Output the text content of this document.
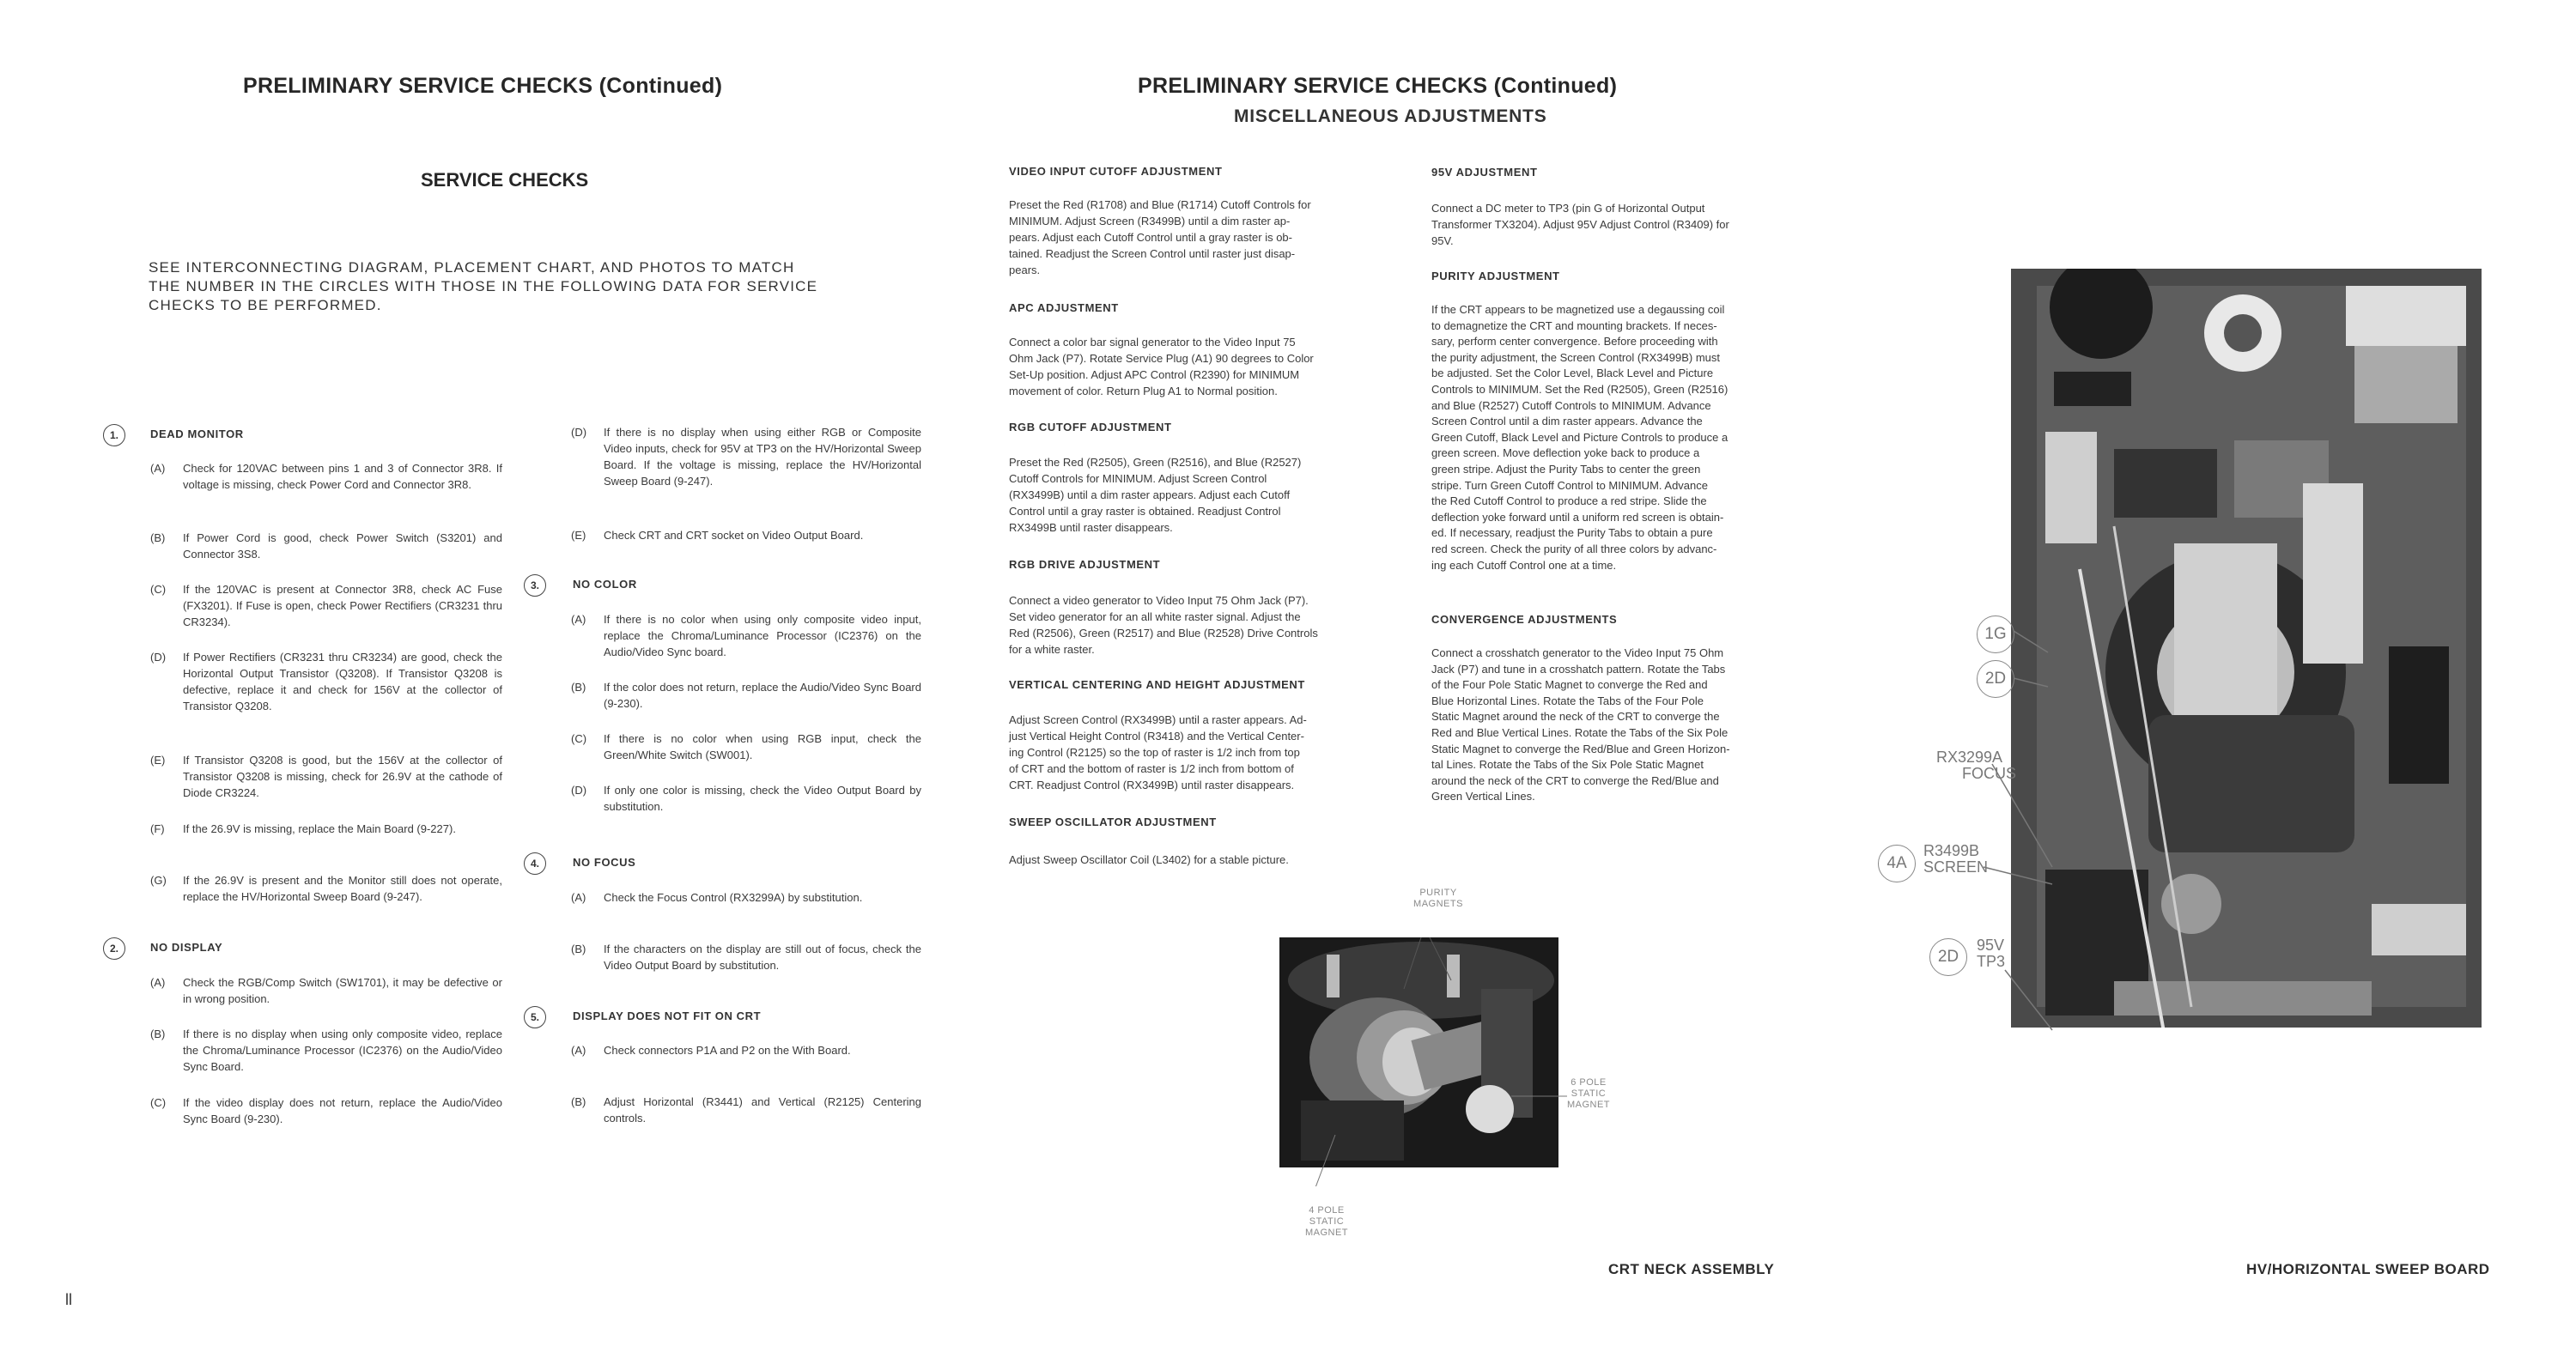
PRELIMINARY SERVICE CHECKS (Continued)
SERVICE CHECKS
SEE INTERCONNECTING DIAGRAM, PLACEMENT CHART, AND PHOTOS TO MATCH
THE NUMBER IN THE CIRCLES WITH THOSE IN THE FOLLOWING DATA FOR SERVICE
CHECKS TO BE PERFORMED.
1.	DEAD MONITOR
(A) Check for 120VAC between pins 1 and 3 of Connector 3R8. If voltage is missing, check Power Cord and Connector 3R8.
(B) If Power Cord is good, check Power Switch (S3201) and Connector 3S8.
(C) If the 120VAC is present at Connector 3R8, check AC Fuse (FX3201). If Fuse is open, check Power Rectifiers (CR3231 thru CR3234).
(D) If Power Rectifiers (CR3231 thru CR3234) are good, check the Horizontal Output Transistor (Q3208). If Transistor Q3208 is defective, replace it and check for 156V at the collector of Transistor Q3208.
(E) If Transistor Q3208 is good, but the 156V at the collector of Transistor Q3208 is missing, check for 26.9V at the cathode of Diode CR3224.
(F) If the 26.9V is missing, replace the Main Board (9-227).
(G) If the 26.9V is present and the Monitor still does not operate, replace the HV/Horizontal Sweep Board (9-247).
2.	NO DISPLAY
(A) Check the RGB/Comp Switch (SW1701), it may be defective or in wrong position.
(B) If there is no display when using only composite video, replace the Chroma/Luminance Processor (IC2376) on the Audio/Video Sync Board.
(C) If the video display does not return, replace the Audio/Video Sync Board (9-230).
(D) If there is no display when using either RGB or Composite Video inputs, check for 95V at TP3 on the HV/Horizontal Sweep Board. If the voltage is missing, replace the HV/Horizontal Sweep Board (9-247).
(E) Check CRT and CRT socket on Video Output Board.
3.	NO COLOR
(A) If there is no color when using only composite video input, replace the Chroma/Luminance Processor (IC2376) on the Audio/Video Sync board.
(B) If the color does not return, replace the Audio/Video Sync Board (9-230).
(C) If there is no color when using RGB input, check the Green/White Switch (SW001).
(D) If only one color is missing, check the Video Output Board by substitution.
4.	NO FOCUS
(A) Check the Focus Control (RX3299A) by substitution.
(B) If the characters on the display are still out of focus, check the Video Output Board by substitution.
5.	DISPLAY DOES NOT FIT ON CRT
(A) Check connectors P1A and P2 on the With Board.
(B) Adjust Horizontal (R3441) and Vertical (R2125) Centering controls.
ll
PRELIMINARY SERVICE CHECKS (Continued)
MISCELLANEOUS ADJUSTMENTS
VIDEO INPUT CUTOFF ADJUSTMENT
Preset the Red (R1708) and Blue (R1714) Cutoff Controls for
MINIMUM. Adjust Screen (R3499B) until a dim raster ap-
pears. Adjust each Cutoff Control until a gray raster is ob-
tained. Readjust the Screen Control until raster just disap-
pears.
APC ADJUSTMENT
Connect a color bar signal generator to the Video Input 75
Ohm Jack (P7). Rotate Service Plug (A1) 90 degrees to Color
Set-Up position. Adjust APC Control (R2390) for MINIMUM
movement of color. Return Plug A1 to Normal position.
RGB CUTOFF ADJUSTMENT
Preset the Red (R2505), Green (R2516), and Blue (R2527)
Cutoff Controls for MINIMUM. Adjust Screen Control
(RX3499B) until a dim raster appears. Adjust each Cutoff
Control until a gray raster is obtained. Readjust Control
RX3499B until raster disappears.
RGB DRIVE ADJUSTMENT
Connect a video generator to Video Input 75 Ohm Jack (P7).
Set video generator for an all white raster signal. Adjust the
Red (R2506), Green (R2517) and Blue (R2528) Drive Controls
for a white raster.
VERTICAL CENTERING AND HEIGHT ADJUSTMENT
Adjust Screen Control (RX3499B) until a raster appears. Ad-
just Vertical Height Control (R3418) and the Vertical Center-
ing Control (R2125) so the top of raster is 1/2 inch from top
of CRT and the bottom of raster is 1/2 inch from bottom of
CRT. Readjust Control (RX3499B) until raster disappears.
SWEEP OSCILLATOR ADJUSTMENT
Adjust Sweep Oscillator Coil (L3402) for a stable picture.
95V ADJUSTMENT
Connect a DC meter to TP3 (pin G of Horizontal Output
Transformer TX3204). Adjust 95V Adjust Control (R3409) for
95V.
PURITY ADJUSTMENT
If the CRT appears to be magnetized use a degaussing coil
to demagnetize the CRT and mounting brackets. If neces-
sary, perform center convergence. Before proceeding with
the purity adjustment, the Screen Control (RX3499B) must
be adjusted. Set the Color Level, Black Level and Picture
Controls to MINIMUM. Set the Red (R2505), Green (R2516)
and Blue (R2527) Cutoff Controls to MINIMUM. Advance
Screen Control until a dim raster appears. Advance the
Green Cutoff, Black Level and Picture Controls to produce a
green screen. Move deflection yoke back to produce a
green stripe. Adjust the Purity Tabs to center the green
stripe. Turn Green Cutoff Control to MINIMUM. Advance
the Red Cutoff Control to produce a red stripe. Slide the
deflection yoke forward until a uniform red screen is obtain-
ed. If necessary, readjust the Purity Tabs to obtain a pure
red screen. Check the purity of all three colors by advanc-
ing each Cutoff Control one at a time.
CONVERGENCE ADJUSTMENTS
Connect a crosshatch generator to the Video Input 75 Ohm
Jack (P7) and tune in a crosshatch pattern. Rotate the Tabs
of the Four Pole Static Magnet to converge the Red and
Blue Horizontal Lines. Rotate the Tabs of the Four Pole
Static Magnet around the neck of the CRT to converge the
Red and Blue Vertical Lines. Rotate the Tabs of the Six Pole
Static Magnet to converge the Red/Blue and Green Horizon-
tal Lines. Rotate the Tabs of the Six Pole Static Magnet
around the neck of the CRT to converge the Red/Blue and
Green Vertical Lines.
PURITY
MAGNETS
6 POLE
STATIC
MAGNET
4 POLE
STATIC
MAGNET
CRT NECK ASSEMBLY
1G
2D
RX3299A
FOCUS
4A
R3499B
SCREEN
2D
95V
TP3
HV/HORIZONTAL SWEEP BOARD
